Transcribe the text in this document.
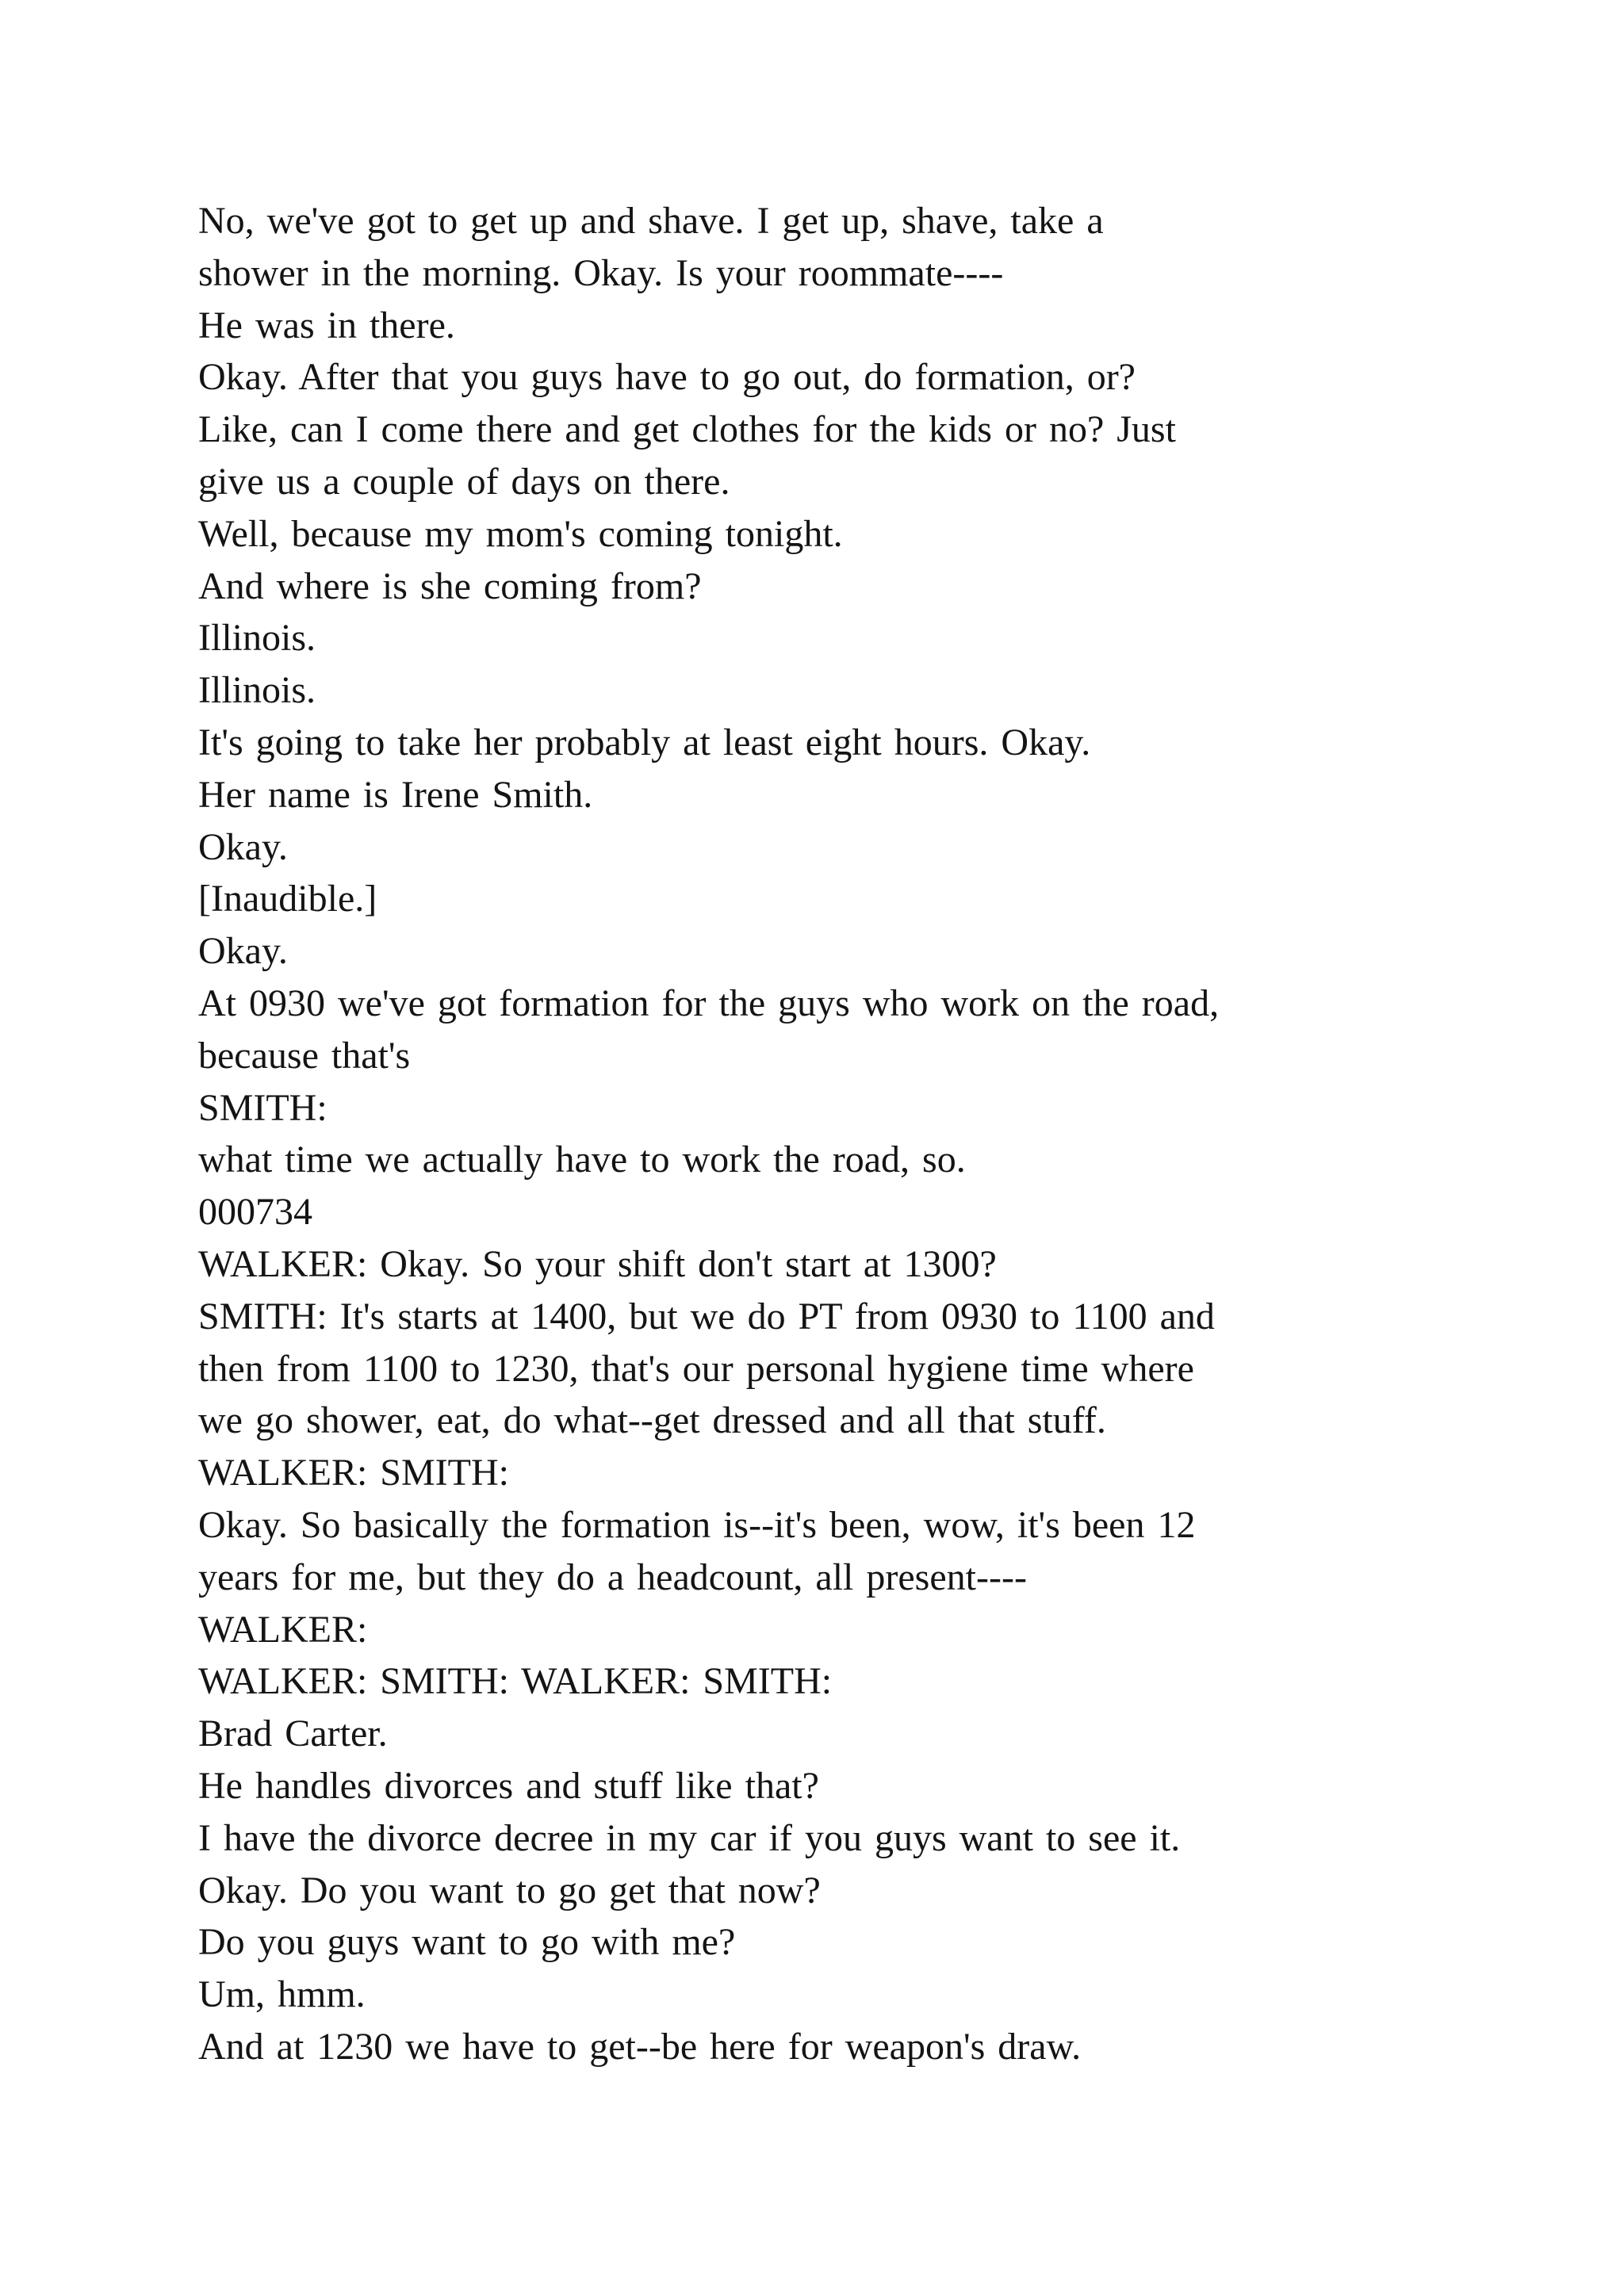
No, we've got to get up and shave. I get up, shave, take a
shower in the morning. Okay. Is your roommate----
He was in there.
Okay. After that you guys have to go out, do formation, or?
Like, can I come there and get clothes for the kids or no? Just
give us a couple of days on there.
Well, because my mom's coming tonight.
And where is she coming from?
Illinois.
Illinois.
It's going to take her probably at least eight hours. Okay.
Her name is Irene Smith.
Okay.
[Inaudible.]
Okay.
At 0930 we've got formation for the guys who work on the road,
because that's
SMITH:
what time we actually have to work the road, so.
000734
WALKER: Okay. So your shift don't start at 1300?
SMITH: It's starts at 1400, but we do PT from 0930 to 1100 and
then from 1100 to 1230, that's our personal hygiene time where
we go shower, eat, do what--get dressed and all that stuff.
WALKER: SMITH:
Okay. So basically the formation is--it's been, wow, it's been 12
years for me, but they do a headcount, all present----
WALKER:
WALKER: SMITH: WALKER: SMITH:
Brad Carter.
He handles divorces and stuff like that?
I have the divorce decree in my car if you guys want to see it.
Okay. Do you want to go get that now?
Do you guys want to go with me?
Um, hmm.
And at 1230 we have to get--be here for weapon's draw.
